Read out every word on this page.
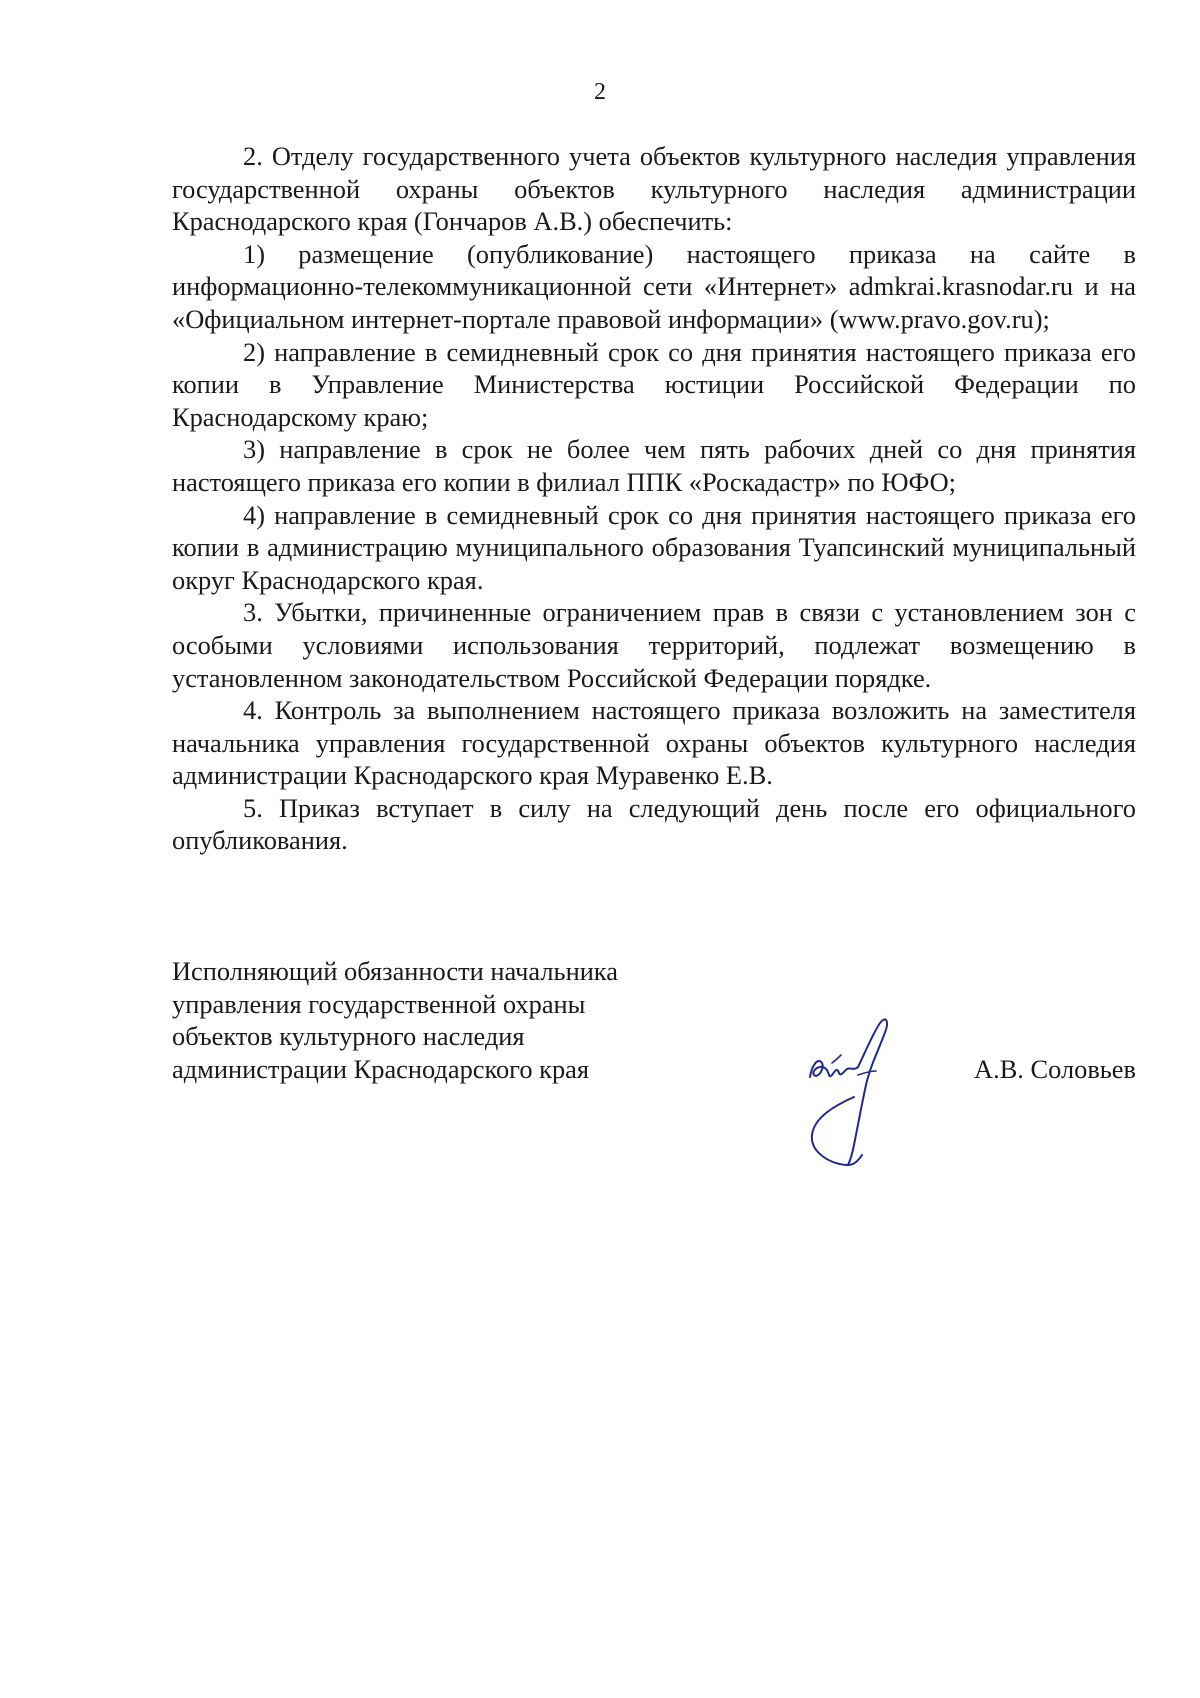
2

2. Отделу государственного учета объектов культурного наследия управления государственной охраны объектов культурного наследия администрации Краснодарского края (Гончаров А.В.) обеспечить:

1) размещение (опубликование) настоящего приказа на сайте в информационно-телекоммуникационной сети «Интернет» admkrai.krasnodar.ru и на «Официальном интернет-портале правовой информации» (www.pravo.gov.ru);

2) направление в семидневный срок со дня принятия настоящего приказа его копии в Управление Министерства юстиции Российской Федерации по Краснодарскому краю;

3) направление в срок не более чем пять рабочих дней со дня принятия настоящего приказа его копии в филиал ППК «Роскадастр» по ЮФО;

4) направление в семидневный срок со дня принятия настоящего приказа его копии в администрацию муниципального образования Туапсинский муниципальный округ Краснодарского края.

3. Убытки, причиненные ограничением прав в связи с установлением зон с особыми условиями использования территорий, подлежат возмещению в установленном законодательством Российской Федерации порядке.

4. Контроль за выполнением настоящего приказа возложить на заместителя начальника управления государственной охраны объектов культурного наследия администрации Краснодарского края Муравенко Е.В.

5. Приказ вступает в силу на следующий день после его официального опубликования.

Исполняющий обязанности начальника
управления государственной охраны
объектов культурного наследия
администрации Краснодарского края	А.В. Соловьев
